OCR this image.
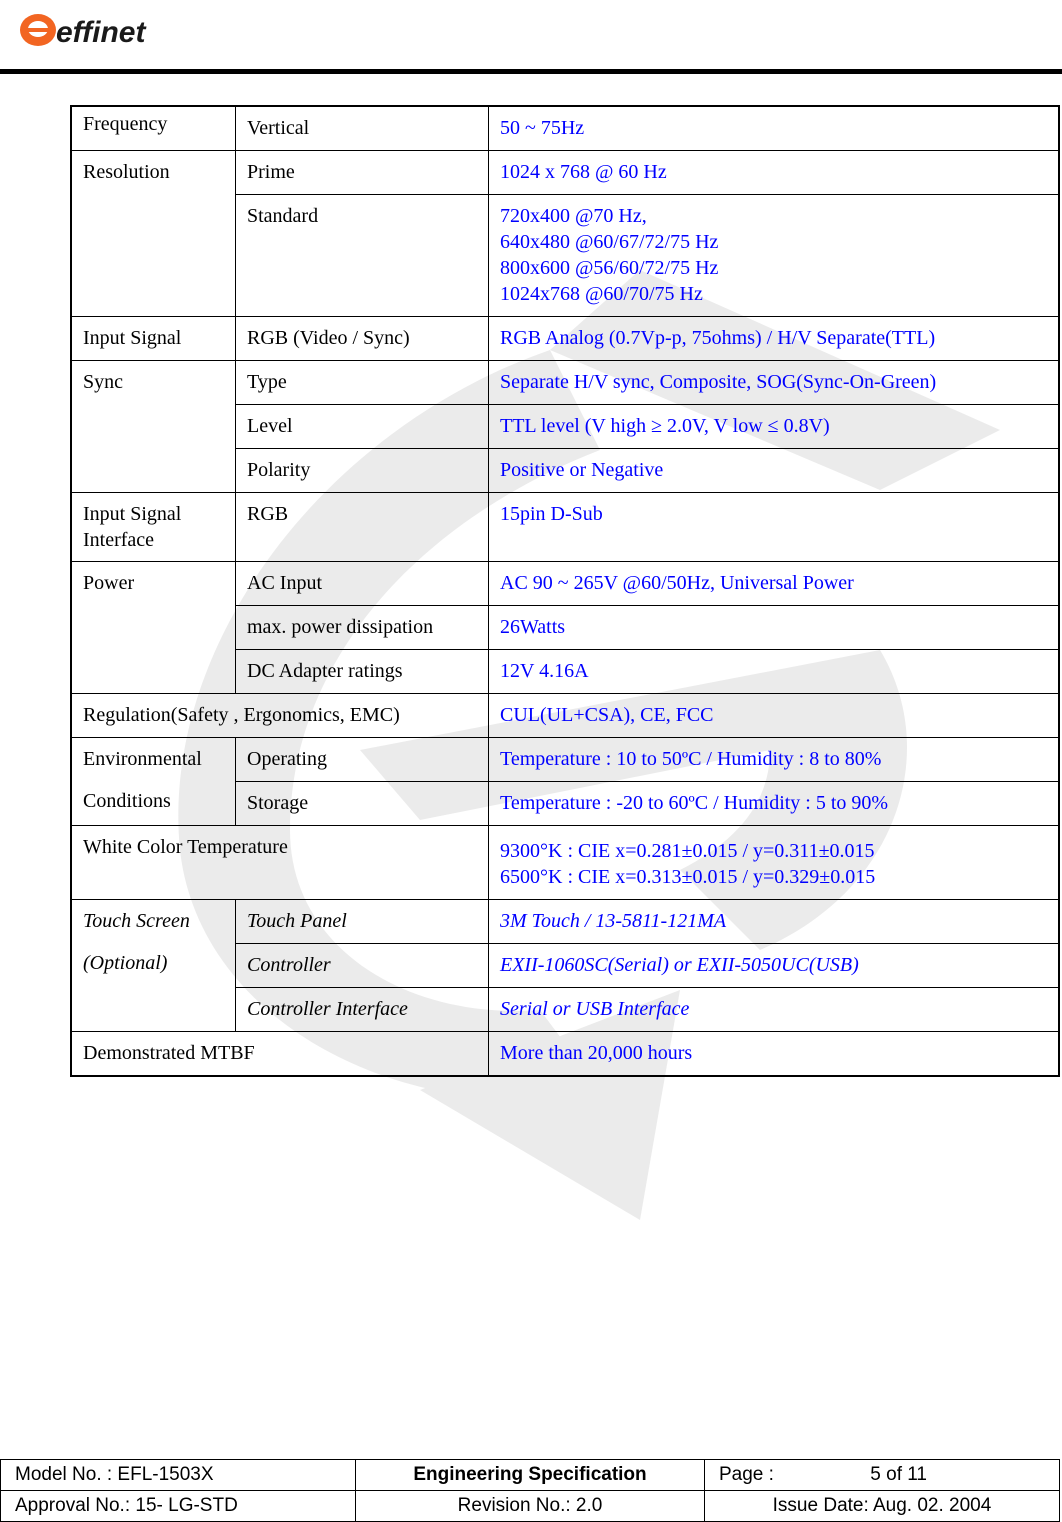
effinet
Frequency	Vertical	50 ~ 75Hz
Resolution	Prime	1024 x 768 @ 60 Hz
	Standard	720x400 @70 Hz,
640x480 @60/67/72/75 Hz
800x600 @56/60/72/75 Hz
1024x768 @60/70/75 Hz

Input Signal	RGB (Video / Sync)	RGB Analog (0.7Vp-p, 75ohms) / H/V Separate(TTL)
Sync	Type	Separate H/V sync, Composite, SOG(Sync-On-Green)
	Level	TTL level (V high ≥ 2.0V, V low ≤ 0.8V)
	Polarity	Positive or Negative

Input Signal
Interface	RGB	15pin D-Sub
Power	AC Input	AC 90 ~ 265V @60/50Hz, Universal Power
	max. power dissipation	26Watts
	DC Adapter ratings	12V 4.16A
Regulation(Safety , Ergonomics, EMC)		CUL(UL+CSA), CE, FCC

Environmental
Conditions	Operating	Temperature : 10 to 50ºC / Humidity : 8 to 80%
	Storage	Temperature : -20 to 60ºC / Humidity : 5 to 90%
White Color Temperature		9300°K : CIE x=0.281±0.015 / y=0.311±0.015
6500°K : CIE x=0.313±0.015 / y=0.329±0.015

Touch Screen
(Optional)	Touch Panel	3M Touch / 13-5811-121MA
	Controller	EXII-1060SC(Serial) or EXII-5050UC(USB)
	Controller Interface	Serial or USB Interface
Demonstrated MTBF		More than 20,000 hours
Model No. : EFL-1503X	Engineering Specification	Page : 5 of 11
Approval No.: 15- LG-STD	Revision No.: 2.0	Issue Date: Aug. 02. 2004
